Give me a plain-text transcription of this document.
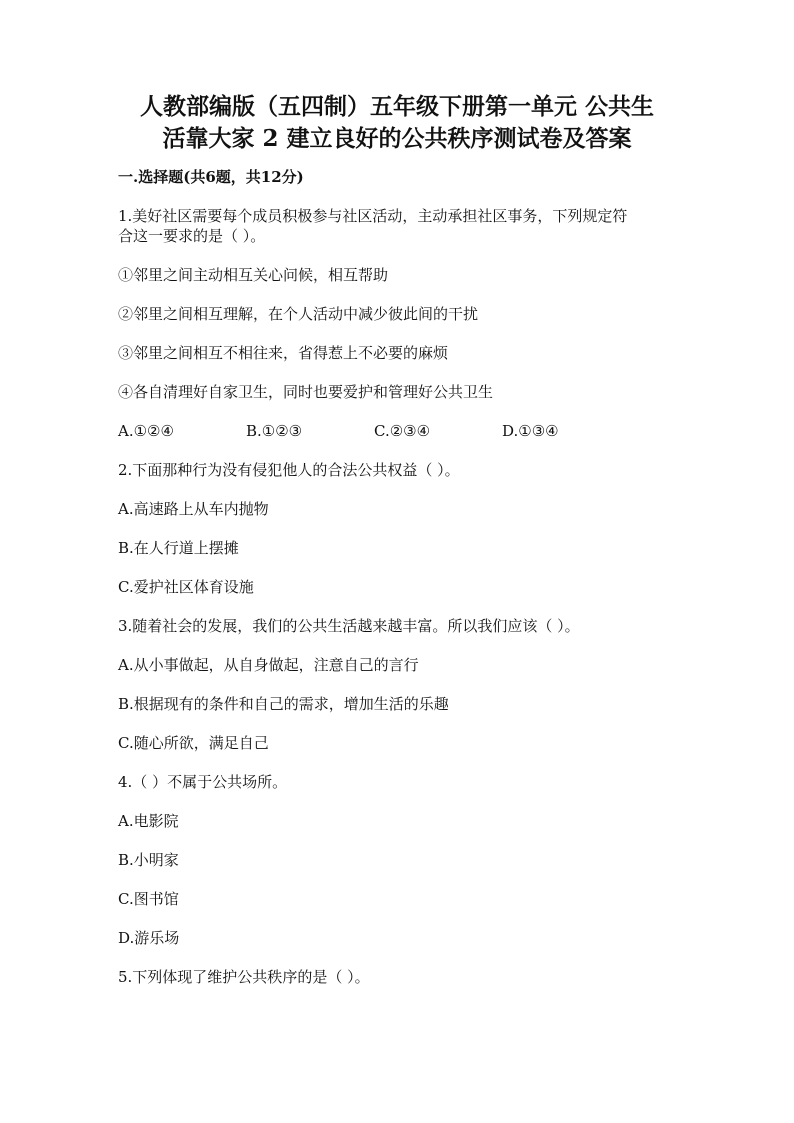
人教部编版（五四制）五年级下册第一单元 公共生
活靠大家 2 建立良好的公共秩序测试卷及答案
一.选择题(共6题，共12分)
1.美好社区需要每个成员积极参与社区活动，主动承担社区事务，下列规定符
合这一要求的是（ ）。
①邻里之间主动相互关心问候，相互帮助
②邻里之间相互理解，在个人活动中减少彼此间的干扰
③邻里之间相互不相往来，省得惹上不必要的麻烦
④各自清理好自家卫生，同时也要爱护和管理好公共卫生
A.①②④	B.①②③	C.②③④	D.①③④
2.下面那种行为没有侵犯他人的合法公共权益（ ）。
A.高速路上从车内抛物
B.在人行道上摆摊
C.爱护社区体育设施
3.随着社会的发展，我们的公共生活越来越丰富。所以我们应该（ ）。
A.从小事做起，从自身做起，注意自己的言行
B.根据现有的条件和自己的需求，增加生活的乐趣
C.随心所欲，满足自己
4.（ ）不属于公共场所。
A.电影院
B.小明家
C.图书馆
D.游乐场
5.下列体现了维护公共秩序的是（ ）。
